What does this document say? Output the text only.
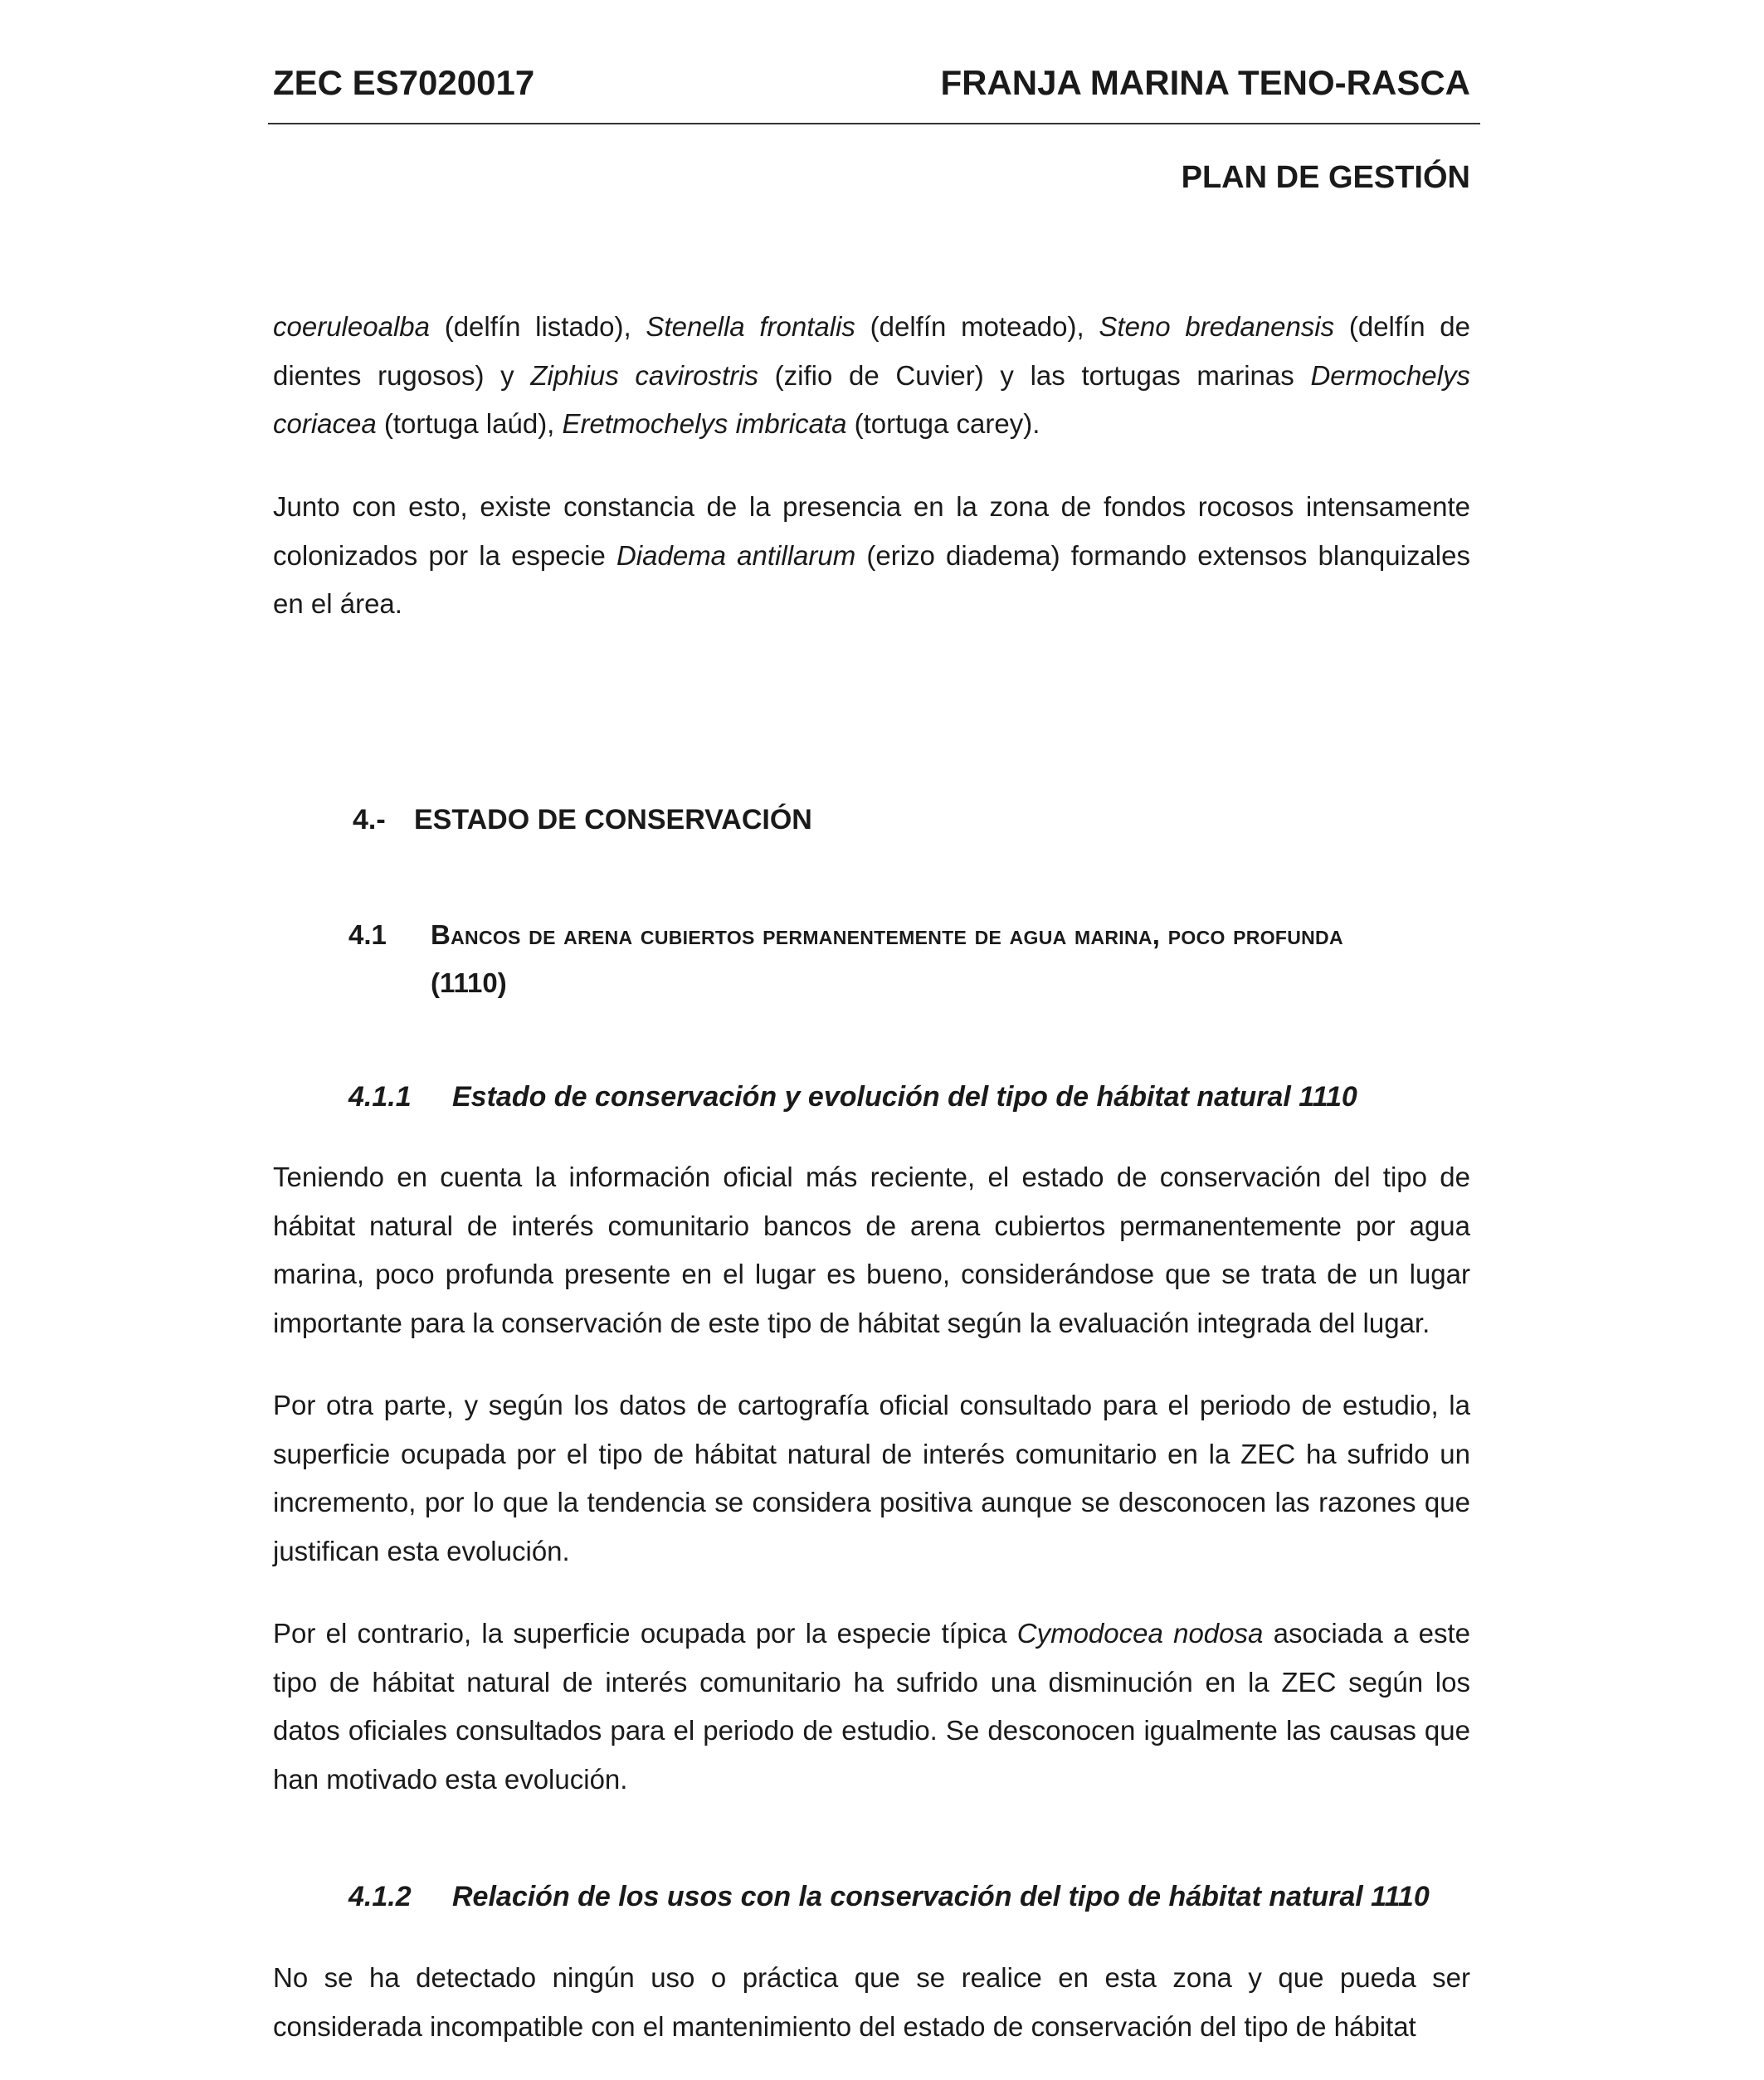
ZEC ES7020017	FRANJA MARINA TENO-RASCA
PLAN DE GESTIÓN

coeruleoalba (delfín listado), Stenella frontalis (delfín moteado), Steno bredanensis (delfín de dientes rugosos) y Ziphius cavirostris (zifio de Cuvier) y las tortugas marinas Dermochelys coriacea (tortuga laúd), Eretmochelys imbricata (tortuga carey).

Junto con esto, existe constancia de la presencia en la zona de fondos rocosos intensamente colonizados por la especie Diadema antillarum (erizo diadema) formando extensos blanquizales en el área.

4.- ESTADO DE CONSERVACIÓN
4.1 Bancos de arena cubiertos permanentemente de agua marina, poco profunda
(1110)
4.1.1 Estado de conservación y evolución del tipo de hábitat natural 1110

Teniendo en cuenta la información oficial más reciente, el estado de conservación del tipo de hábitat natural de interés comunitario bancos de arena cubiertos permanentemente por agua marina, poco profunda presente en el lugar es bueno, considerándose que se trata de un lugar importante para la conservación de este tipo de hábitat según la evaluación integrada del lugar.

Por otra parte, y según los datos de cartografía oficial consultado para el periodo de estudio, la superficie ocupada por el tipo de hábitat natural de interés comunitario en la ZEC ha sufrido un incremento, por lo que la tendencia se considera positiva aunque se desconocen las razones que justifican esta evolución.

Por el contrario, la superficie ocupada por la especie típica Cymodocea nodosa asociada a este tipo de hábitat natural de interés comunitario ha sufrido una disminución en la ZEC según los datos oficiales consultados para el periodo de estudio. Se desconocen igualmente las causas que han motivado esta evolución.

4.1.2 Relación de los usos con la conservación del tipo de hábitat natural 1110

No se ha detectado ningún uso o práctica que se realice en esta zona y que pueda ser considerada incompatible con el mantenimiento del estado de conservación del tipo de hábitat
